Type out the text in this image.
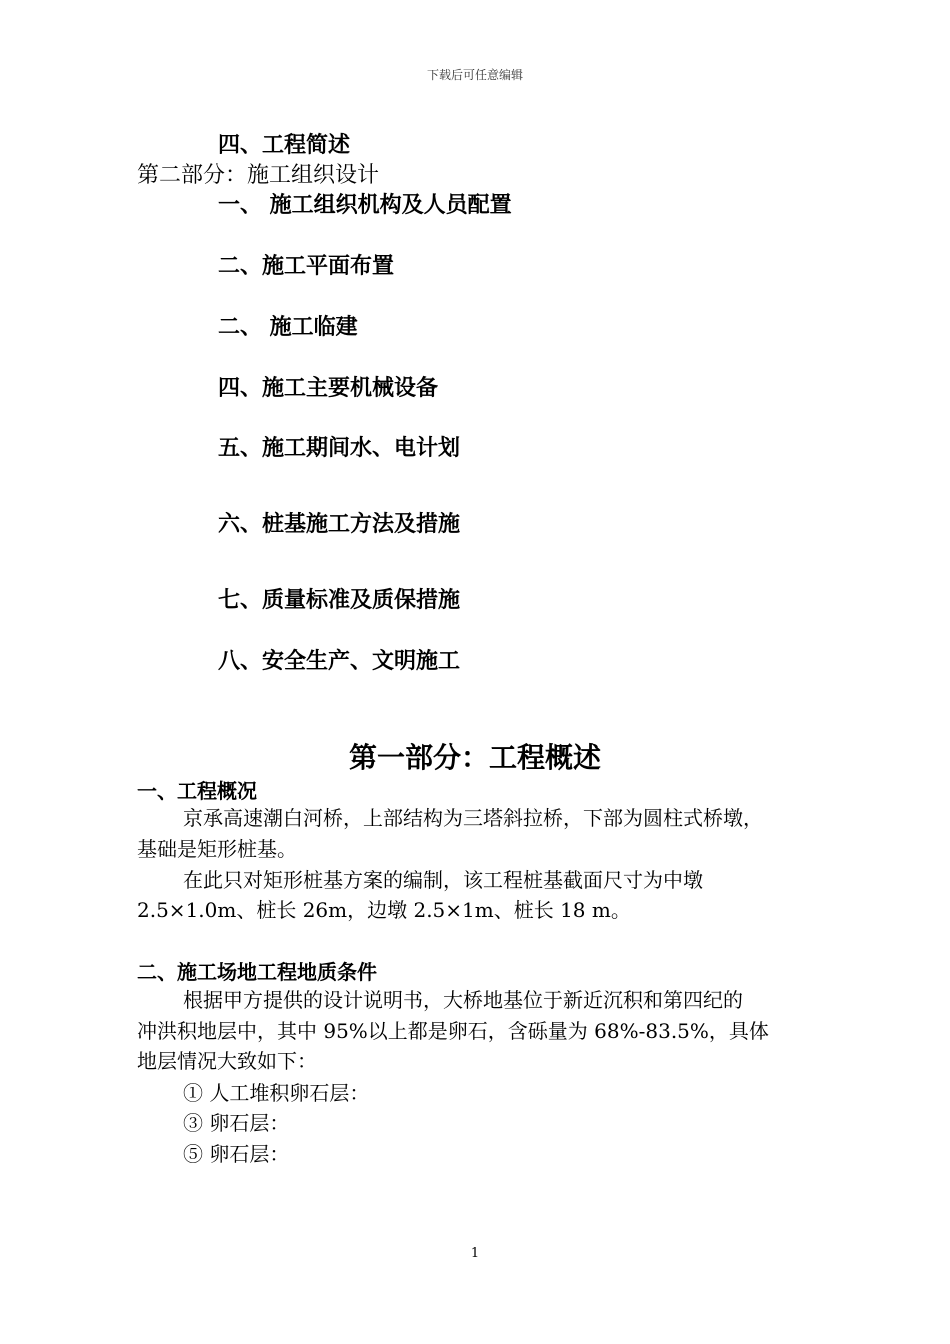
下载后可任意编辑
四、工程简述
第二部分：施工组织设计
一、 施工组织机构及人员配置
二、施工平面布置
二、 施工临建
四、施工主要机械设备
五、施工期间水、电计划
六、桩基施工方法及措施
七、质量标准及质保措施
八、安全生产、文明施工
第一部分：工程概述
一、工程概况
京承高速潮白河桥，上部结构为三塔斜拉桥，下部为圆柱式桥墩，
基础是矩形桩基。
在此只对矩形桩基方案的编制，该工程桩基截面尺寸为中墩
2.5×1.0m、桩长 26m，边墩 2.5×1m、桩长 18 m。
二、施工场地工程地质条件
根据甲方提供的设计说明书，大桥地基位于新近沉积和第四纪的
冲洪积地层中，其中 95%以上都是卵石，含砾量为 68%-83.5%，具体
地层情况大致如下：
① 人工堆积卵石层：
③ 卵石层：
⑤ 卵石层：
1
